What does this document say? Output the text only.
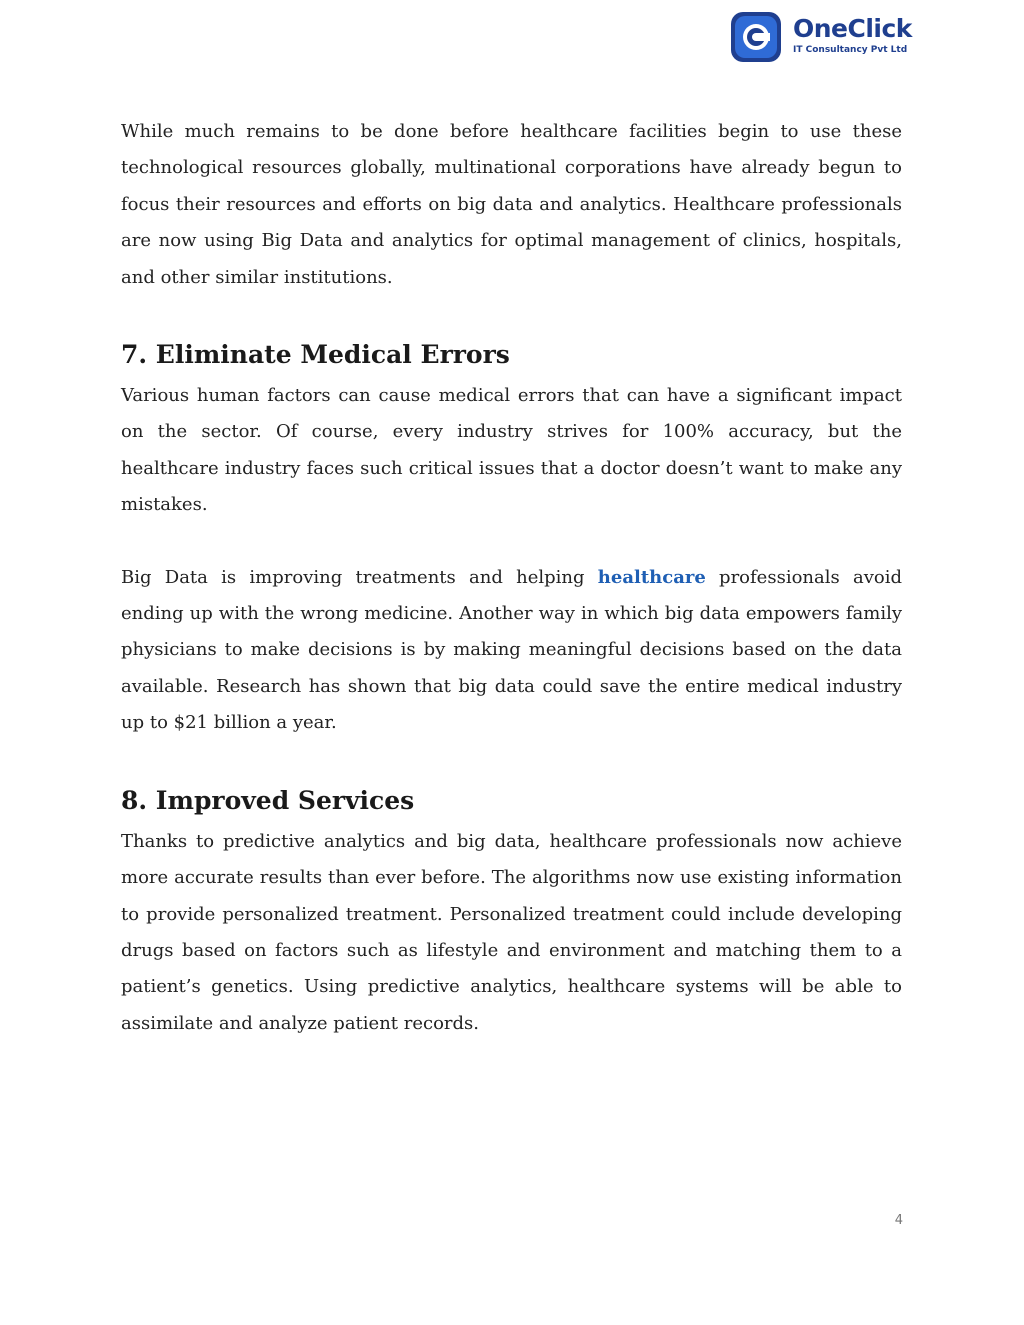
OneClick
IT Consultancy Pvt Ltd

While much remains to be done before healthcare facilities begin to use these technological resources globally, multinational corporations have already begun to focus their resources and efforts on big data and analytics. Healthcare professionals are now using Big Data and analytics for optimal management of clinics, hospitals, and other similar institutions.

7. Eliminate Medical Errors

Various human factors can cause medical errors that can have a significant impact on the sector. Of course, every industry strives for 100% accuracy, but the healthcare industry faces such critical issues that a doctor doesn’t want to make any mistakes.

Big Data is improving treatments and helping healthcare professionals avoid ending up with the wrong medicine. Another way in which big data empowers family physicians to make decisions is by making meaningful decisions based on the data available. Research has shown that big data could save the entire medical industry up to $21 billion a year.

8. Improved Services

Thanks to predictive analytics and big data, healthcare professionals now achieve more accurate results than ever before. The algorithms now use existing information to provide personalized treatment. Personalized treatment could include developing drugs based on factors such as lifestyle and environment and matching them to a patient’s genetics. Using predictive analytics, healthcare systems will be able to assimilate and analyze patient records.

4
